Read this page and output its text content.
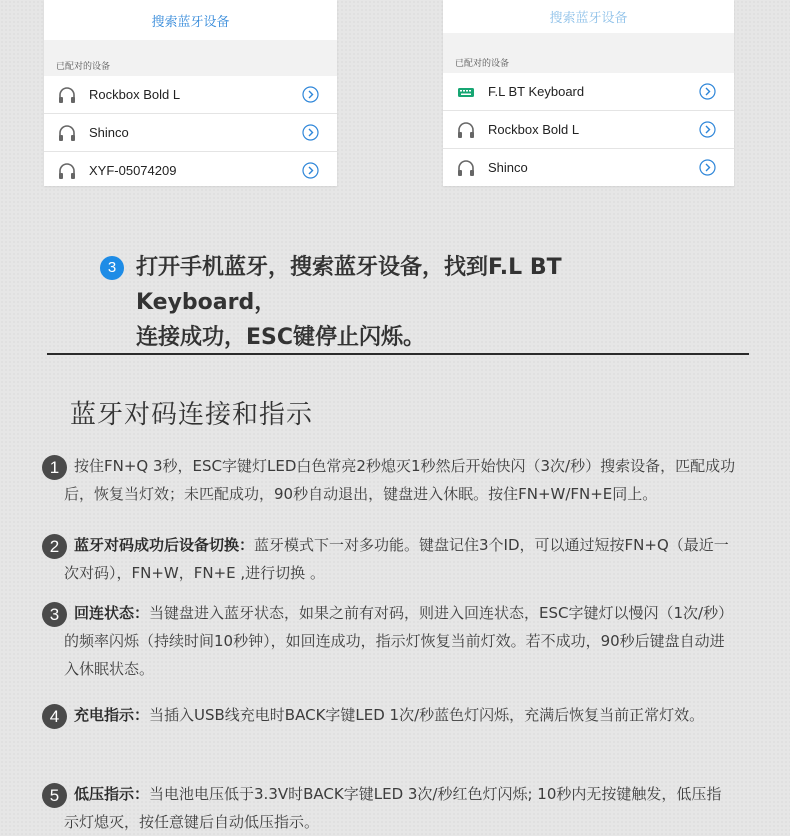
搜索蓝牙设备
已配对的设备
Rockbox Bold L
Shinco
XYF-05074209
搜索蓝牙设备
已配对的设备
F.L BT Keyboard
Rockbox Bold L
Shinco
3 打开手机蓝牙，搜索蓝牙设备，找到F.L BT Keyboard，
连接成功，ESC键停止闪烁。
蓝牙对码连接和指示
1 按住FN+Q 3秒，ESC字键灯LED白色常亮2秒熄灭1秒然后开始快闪（3次/秒）搜索设备，匹配成功后，恢复当灯效；未匹配成功，90秒自动退出，键盘进入休眠。按住FN+W/FN+E同上。
2 蓝牙对码成功后设备切换：蓝牙模式下一对多功能。键盘记住3个ID，可以通过短按FN+Q（最近一次对码），FN+W，FN+E ,进行切换 。
3 回连状态：当键盘进入蓝牙状态，如果之前有对码，则进入回连状态，ESC字键灯以慢闪（1次/秒）的频率闪烁（持续时间10秒钟），如回连成功，指示灯恢复当前灯效。若不成功，90秒后键盘自动进入休眠状态。
4 充电指示：当插入USB线充电时BACK字键LED 1次/秒蓝色灯闪烁，充满后恢复当前正常灯效。
5 低压指示：当电池电压低于3.3V时BACK字键LED 3次/秒红色灯闪烁; 10秒内无按键触发，低压指示灯熄灭，按任意键后自动低压指示。
